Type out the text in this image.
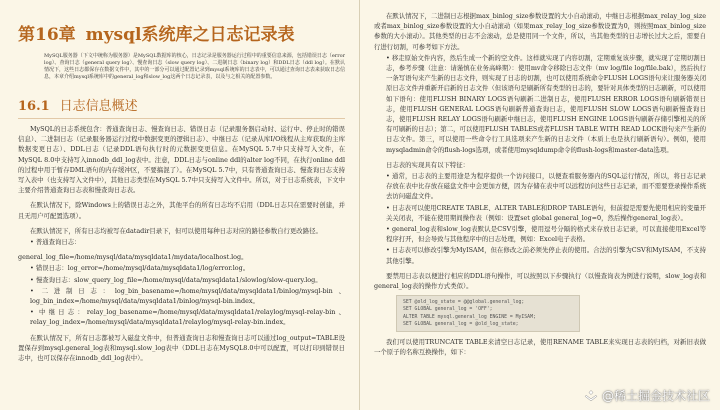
第16章 mysql系统库之日志记录表
MySQL服务器（下文中统称为服务器）是MySQL数据库的核心，日志记录是服务器运行过程中的重要信息来源，包括错误日志（error log）、查询日志（general query log）、慢查询日志（slow query log）、二进制日志（binary log）和DDL日志（ddl log）。在默认情况下，这些日志都保存在数据文件中，其中的一部分可以通过配置记录到mysql系统库的日志表中，可以通过查询日志表来获取日志信息，本章介绍mysql系统库中的general_log和slow_log这两个日志记录表，以及与之相关的配置参数。
16.1 日志信息概述

MySQL的日志系统包含：普通查询日志、慢查询日志、错误日志（记录服务器启动时、运行中、停止时的错误信息）、二进制日志（记录服务器运行过程中数据变更的逻辑日志）、中继日志（记录从库I/O线程从主库获取的主库数据变更日志）、DDL日志（记录DDL语句执行时的元数据变更信息。在MySQL 5.7中只支持写入文件，在MySQL 8.0中支持写入innodb_ddl_log表中。注意，DDL日志与online ddl的alter log不同，在执行online ddl的过程中用于暂存DML语句的内存缓冲区，不要搞混了）。在MySQL 5.7中，只有普通查询日志、慢查询日志支持写入表中（也支持写入文件中），其他日志类型在MySQL 5.7中只支持写入文件中。所以，对于日志系统表，下文中主要介绍普通查询日志表和慢查询日志表。

在默认情况下，除Windows上的错误日志之外，其他平台的所有日志均不启用（DDL日志只在需要时创建，并且无用户可配置选项）。

在默认情况下，所有日志均被写在datadir目录下，但可以使用每种日志对应的路径参数自行更改路径。

• 普通查询日志：

general_log_file=/home/mysql/data/mysqldata1/mydata/localhost.log。

• 错误日志：log_error=/home/mysql/data/mysqldata1/log/error.log。
• 慢查询日志：slow_query_log_file=/home/mysql/data/mysqldata1/slowlog/slow-query.log。
• 二进制日志：log_bin_basename=/home/mysql/data/mysqldata1/binlog/mysql-bin、log_bin_index=/home/mysql/data/mysqldata1/binlog/mysql-bin.index。
• 中继日志：relay_log_basename=/home/mysql/data/mysqldata1/relaylog/mysql-relay-bin、relay_log_index=/home/mysql/data/mysqldata1/relaylog/mysql-relay-bin.index。

在默认情况下，所有日志都被写入磁盘文件中，但普通查询日志和慢查询日志可以通过log_output=TABLE设置保存到mysql.general_log表和mysql.slow_log表中（DDL日志在MySQL8.0中可以配置，可以打印到错误日志中，也可以保存在innodb_ddl_log表中）。

在默认情况下，二进制日志根据max_binlog_size参数设置的大小自动滚动，中继日志根据max_relay_log_size或者max_binlog_size参数设置的大小自动滚动（如果max_relay_log_size参数设置为0，则按照max_binlog_size参数的大小滚动）。其他类型的日志不会滚动，总是使用同一个文件，所以，当其他类型的日志增长过大之后，需要自行进行切割，可参考如下方法。

• 移走原始文件内容，然后生成一个新的空文件。这样就实现了内容切割，定期重复该步骤，就实现了定期切割日志，参考步骤（注意：请谨慎在业务高峰期）：使用mv命令移除日志文件（mv log/file log/file.bak），然后执行一条写语句来产生新的日志文件，则实现了日志的切割，也可以使用系统命令FLUSH LOGS语句来让服务器关闭原日志文件并重新开启新的日志文件（但该语句是刷新所有类型的日志的，要针对具体类型的日志刷新，可以使用如下语句：使用FLUSH BINARY LOGS语句刷新二进制日志，使用FLUSH ERROR LOGS语句刷新错误日志，使用FLUSH GENERAL LOGS语句刷新普通查询日志，使用FLUSH SLOW LOGS语句刷新慢查询日志，使用FLUSH RELAY LOGS语句刷新中继日志，使用FLUSH ENGINE LOGS语句刷新存储引擎相关的所有可刷新的日志）；第二，可以使用FLUSH TABLES或者FLUSH TABLE WITH READ LOCK语句来产生新的日志文件。第三，可以使用一些命令行工具选项来产生新的日志文件（本质上也是执行刷新语句）。例如，使用mysqladmin命令的flush-logs选项，或者使用mysqldump命令的flush-logs和master-data选项。

日志表的实现具有以下特征：

• 通常，日志表的主要用途是为程序提供一个访问接口，以便查看服务器内的SQL运行情况，所以，将日志记录存放在表中比存放在磁盘文件中会更加方便，因为存储在表中可以远程访问这些日志记录，而不需要登录操作系统去访问磁盘文件。
• 日志表可以使用CREATE TABLE、ALTER TABLE和DROP TABLE语句，但前提是需要先使用相应的变量开关关闭表，不能在使用期间操作表（例如：设置set global general_log=0，然后操作general_log表）。
• general_log表和slow_log表默认是CSV引擎，使用逗号分隔的格式来存放日志记录，可以直接使用Excel等程序打开，但会导致与其他程序中的日志处理，例如：Excel电子表格。
• 日志表可以修改引擎为MyISAM，但在修改之前必须先停止表的使用。合法的引擎为CSV和MyISAM，不支持其他引擎。

要禁用日志表以便进行相应的DDL语句操作，可以按照以下步骤执行（以慢查询表为例进行说明，slow_log表和general_log表的操作方式类似）。

SET @old_log_state = @@global.general_log;
SET GLOBAL general_log = 'OFF';
ALTER TABLE mysql.general_log ENGINE = MyISAM;
SET GLOBAL general_log = @old_log_state;

我们可以使用TRUNCATE TABLE来清空日志记录，使用RENAME TABLE来实现日志表的归档，对新旧表做一个原子的名称互换操作，如下：

@稀土掘金技术社区
